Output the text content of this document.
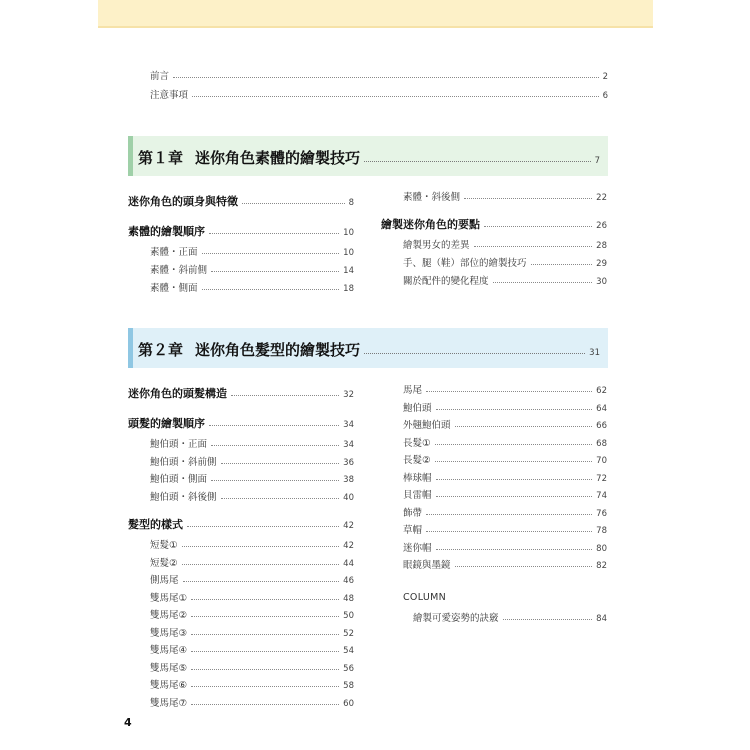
前言	2
注意事項	6
第１章 迷你角色素體的繪製技巧	7
迷你角色的頭身與特徵	8
素體的繪製順序	10
素體・正面	10
素體・斜前側	14
素體・側面	18
素體・斜後側	22
繪製迷你角色的要點	26
繪製男女的差異	28
手、腿（鞋）部位的繪製技巧	29
關於配件的變化程度	30
第２章 迷你角色髮型的繪製技巧	31
迷你角色的頭髮構造	32
頭髮的繪製順序	34
鮑伯頭・正面	34
鮑伯頭・斜前側	36
鮑伯頭・側面	38
鮑伯頭・斜後側	40
髮型的樣式	42
短髮①	42
短髮②	44
側馬尾	46
雙馬尾①	48
雙馬尾②	50
雙馬尾③	52
雙馬尾④	54
雙馬尾⑤	56
雙馬尾⑥	58
雙馬尾⑦	60
馬尾	62
鮑伯頭	64
外翹鮑伯頭	66
長髮①	68
長髮②	70
棒球帽	72
貝雷帽	74
飾帶	76
草帽	78
迷你帽	80
眼鏡與墨鏡	82
COLUMN
繪製可愛姿勢的訣竅	84
4
